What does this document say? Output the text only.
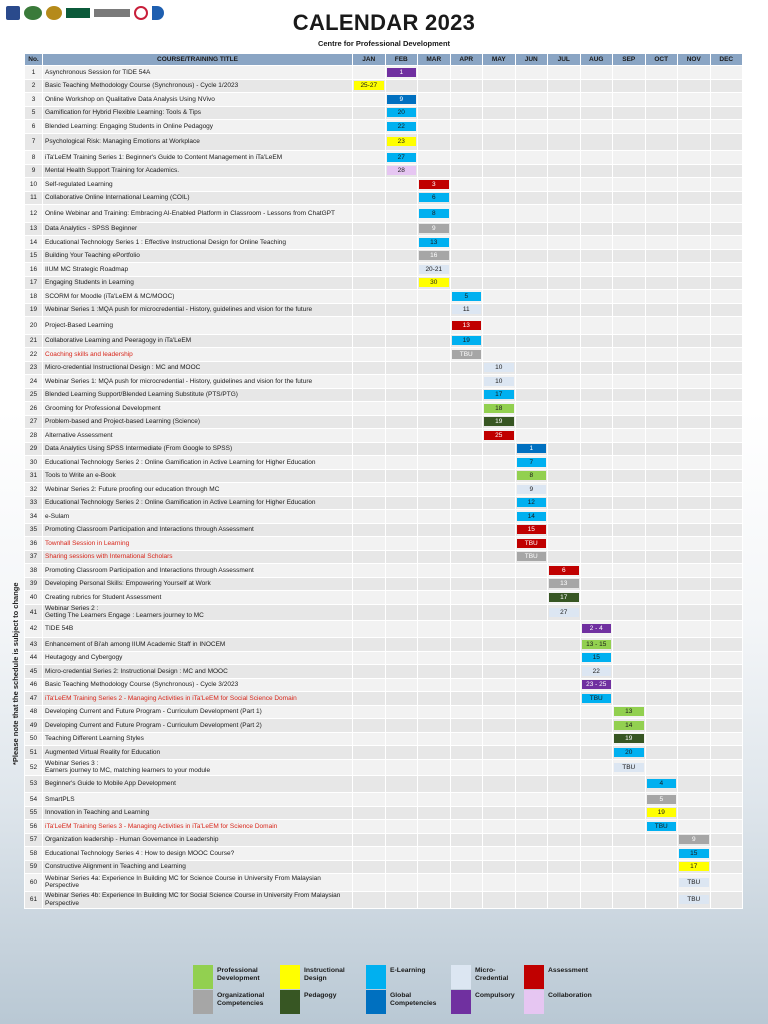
CALENDAR 2023
Centre for Professional Development
No.	COURSE/TRAINING TITLE	JAN	FEB	MAR	APR	MAY	JUN	JUL	AUG	SEP	OCT	NOV	DEC
1	Asynchronous Session for TIDE 54A		1										

2	Basic Teaching Methodology Course (Synchronous) - Cycle 1/2023	25-27											

3	Online Workshop on Qualitative Data Analysis Using NVivo		9										

5	Gamification for Hybrid Flexible Learning: Tools & Tips		20										

6	Blended Learning: Engaging Students in Online Pedagogy		22										

7	Psychological Risk: Managing Emotions at Workplace		23										

8	iTa'LeEM Training Series 1: Beginner's Guide to Content Management in iTa'LeEM		27										

9	Mental Health Support Training for Academics.		28										

10	Self-regulated Learning			3									

11	Collaborative Online International Learning (COIL)			6									

12	Online Webinar and Training: Embracing AI-Enabled Platform in Classroom - Lessons from ChatGPT			8									

13	Data Analytics - SPSS Beginner			9									

14	Educational Technology Series 1 : Effective Instructional Design for Online Teaching			13									

15	Building Your Teaching ePortfolio			16									

16	IIUM MC Strategic Roadmap			20-21									

17	Engaging Students in Learning			30									

18	SCORM for Moodle (iTa'LeEM & MC/MOOC)				5								

19	Webinar Series 1 :MQA push for microcredential - History, guidelines and vision for the future				11								

20	Project-Based Learning				13								

21	Collaborative Learning and Peeragogy in iTa'LeEM				19								

22	Coaching skills and leadership				TBU								

23	Micro-credential Instructional Design : MC and MOOC					10							

24	Webinar Series 1: MQA push for microcredential - History, guidelines and vision for the future					10							

25	Blended Learning Support/Blended Learning Substitute (PTS/PTG)					17							

26	Grooming for Professional Development					18							

27	Problem-based and Project-based Learning (Science)					19							

28	Alternative Assessment					25							

29	Data Analytics Using SPSS Intermediate (From Google to SPSS)						1						

30	Educational Technology Series 2 : Online Gamification in Active Learning for Higher Education						7						

31	Tools to Write an e-Book						8						

32	Webinar Series 2: Future proofing our education through MC						9						

33	Educational Technology Series 2 : Online Gamification in Active Learning for Higher Education						12						

34	e-Sulam						14						

35	Promoting Classroom Participation and Interactions through Assessment						15						

36	Townhall Session in Learning						TBU						

37	Sharing sessions with International Scholars						TBU						

38	Promoting Classroom Participation and Interactions through Assessment							6					

39	Developing Personal Skills: Empowering Yourself at Work							13					

40	Creating rubrics for Student Assessment							17					

41	Webinar Series 2 :
Getting The Learners Engage : Learners journey to MC							27					

42	TIDE 54B								2 - 4				

43	Enhancement of Bi'ah among IIUM Academic Staff in INOCEM								13 - 15				

44	Heutagogy and Cybergogy								15				

45	Micro-credential Series 2: Instructional Design : MC and MOOC								22				

46	Basic Teaching Methodology Course (Synchronous) - Cycle 3/2023								23 - 25				

47	iTa'LeEM Training Series 2 - Managing Activities in iTa'LeEM for Social Science Domain								TBU				

48	Developing Current and Future Program - Curriculum Development (Part 1)									13			

49	Developing Current and Future Program - Curriculum Development (Part 2)									14			

50	Teaching Different Learning Styles									19			

51	Augmented Virtual Reality for Education									20			

52	Webinar Series 3 :
Earners journey to MC, matching learners to your module									TBU			

53	Beginner's Guide to Mobile App Development										4		

54	SmartPLS										5		

55	Innovation in Teaching and Learning										19		

56	iTa'LeEM Training Series 3 - Managing Activities in iTa'LeEM for Science Domain										TBU		

57	Organization leadership - Human Governance in Leadership											9	

58	Educational Technology Series 4 : How to design MOOC Course?											15	

59	Constructive Alignment in Teaching and Learning											17	

60	Webinar Series 4a: Experience In Building MC for Science Course in University From Malaysian Perspective											TBU	

61	Webinar Series 4b: Experience In Building MC for Social Science Course in University From Malaysian Perspective											TBU	

*Please note that the schedule is subject to change
Professional Development
Organizational Competencies
Instructional Design
Pedagogy
E-Learning
Global Competencies
Micro-Credential
Compulsory
Assessment
Collaboration
